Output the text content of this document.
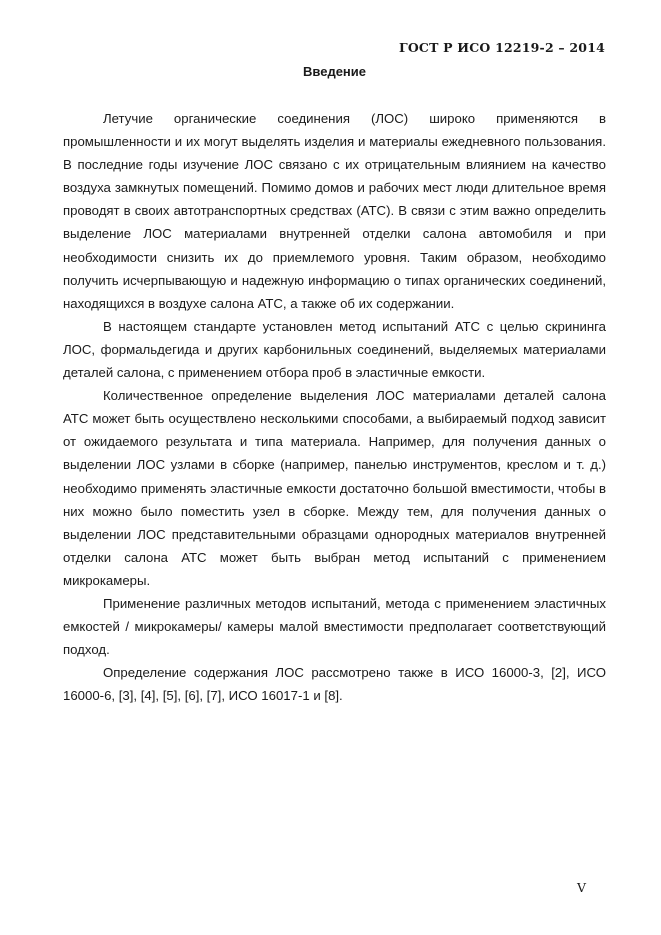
ГОСТ Р ИСО 12219-2 – 2014
Введение

Летучие органические соединения (ЛОС) широко применяются в промышленности и их могут выделять изделия и материалы ежедневного пользования. В последние годы изучение ЛОС связано с их отрицательным влиянием на качество воздуха замкнутых помещений. Помимо домов и рабочих мест люди длительное время проводят в своих автотранспортных средствах (АТС). В связи с этим важно определить выделение ЛОС материалами внутренней отделки салона автомобиля и при необходимости снизить их до приемлемого уровня. Таким образом, необходимо получить исчерпывающую и надежную информацию о типах органических соединений, находящихся в воздухе салона АТС, а также об их содержании.

В настоящем стандарте установлен метод испытаний АТС с целью скрининга ЛОС, формальдегида и других карбонильных соединений, выделяемых материалами деталей салона, с применением отбора проб в эластичные емкости.

Количественное определение выделения ЛОС материалами деталей салона АТС может быть осуществлено несколькими способами, а выбираемый подход зависит от ожидаемого результата и типа материала. Например, для получения данных о выделении ЛОС узлами в сборке (например, панелью инструментов, креслом и т. д.) необходимо применять эластичные емкости достаточно большой вместимости, чтобы в них можно было поместить узел в сборке. Между тем, для получения данных о выделении ЛОС представительными образцами однородных материалов внутренней отделки салона АТС может быть выбран метод испытаний с применением микрокамеры.

Применение различных методов испытаний, метода с применением эластичных емкостей / микрокамеры/ камеры малой вместимости предполагает соответствующий подход.

Определение содержания ЛОС рассмотрено также в ИСО 16000-3, [2], ИСО 16000-6, [3], [4], [5], [6], [7], ИСО 16017-1 и [8].

V
